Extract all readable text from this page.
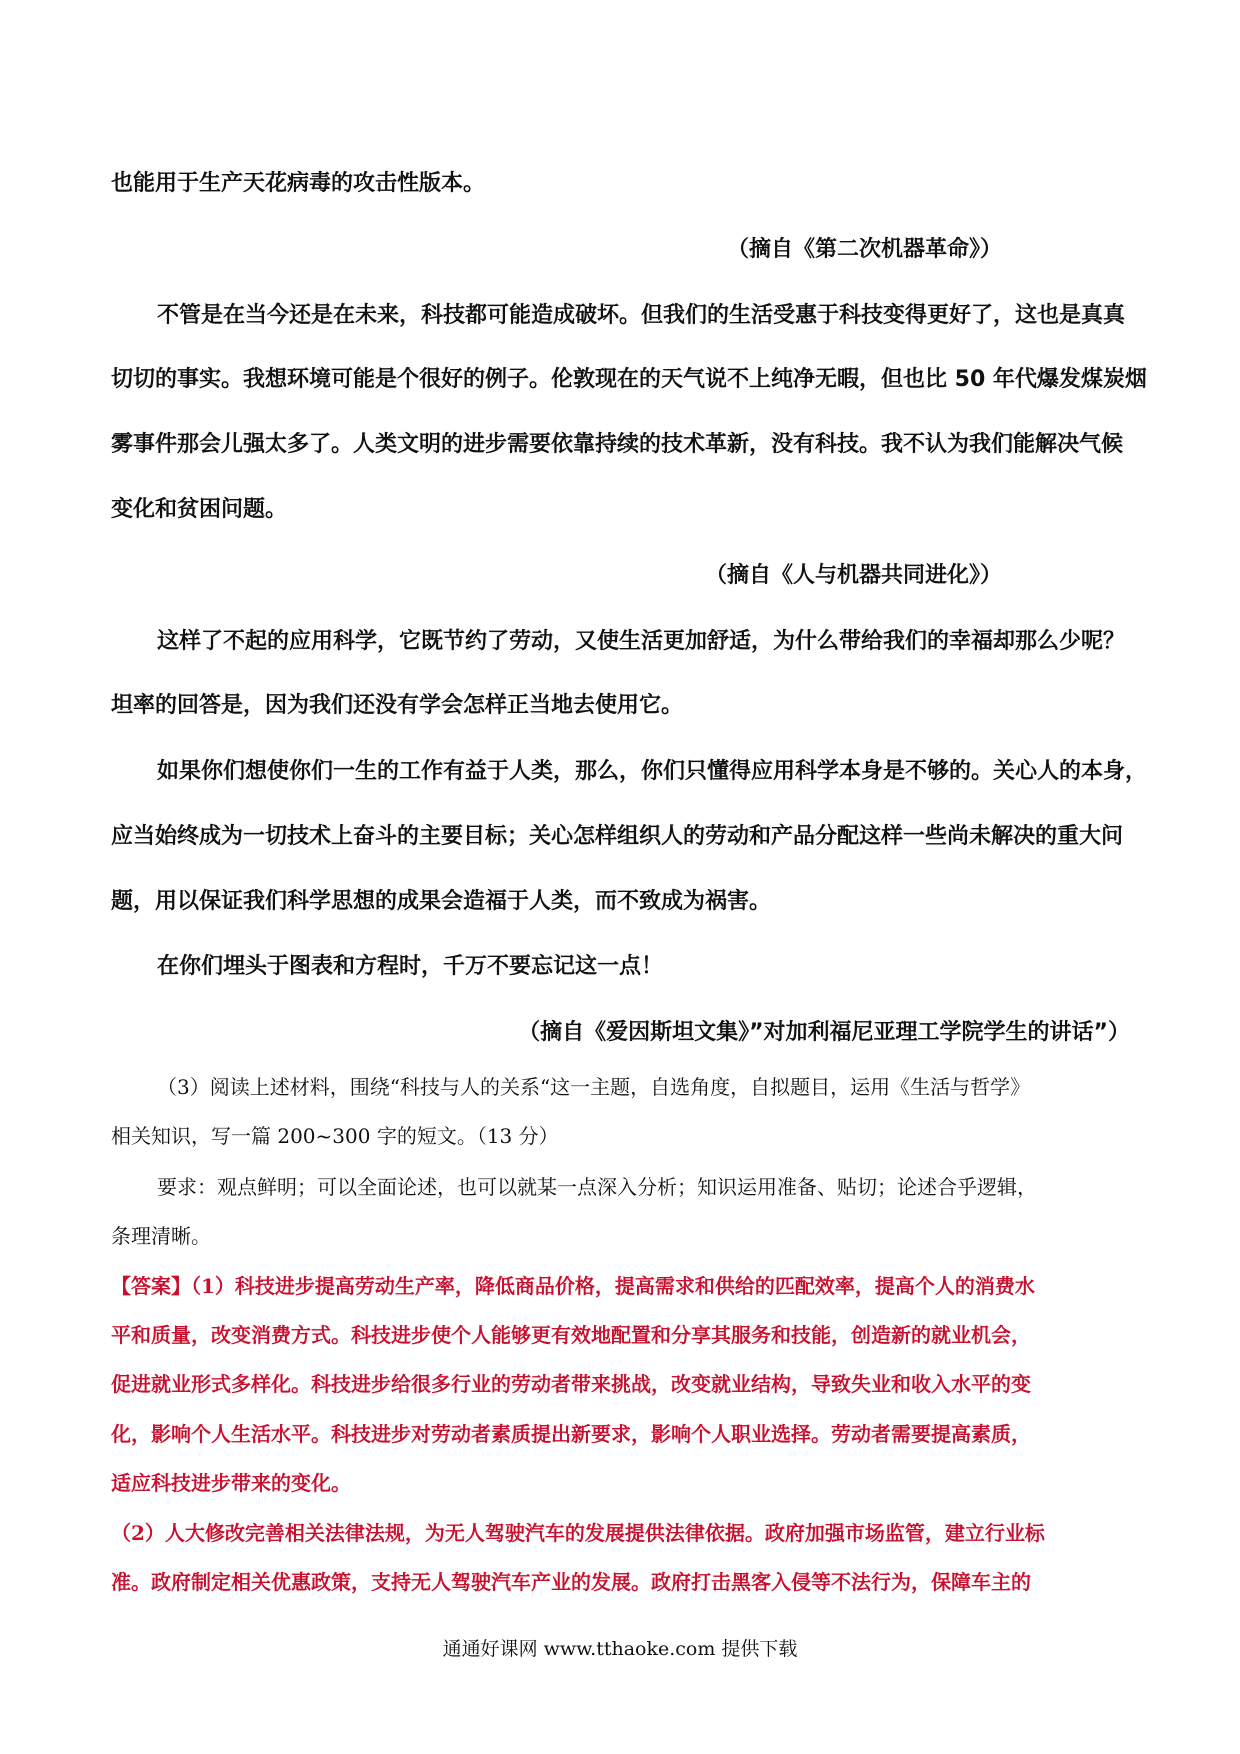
也能用于生产天花病毒的攻击性版本。
（摘自《第二次机器革命》）
不管是在当今还是在未来，科技都可能造成破坏。但我们的生活受惠于科技变得更好了，这也是真真
切切的事实。我想环境可能是个很好的例子。伦敦现在的天气说不上纯净无暇，但也比 50 年代爆发煤炭烟
雾事件那会儿强太多了。人类文明的进步需要依靠持续的技术革新，没有科技。我不认为我们能解决气候
变化和贫困问题。
（摘自《人与机器共同进化》）
这样了不起的应用科学，它既节约了劳动，又使生活更加舒适，为什么带给我们的幸福却那么少呢？
坦率的回答是，因为我们还没有学会怎样正当地去使用它。
如果你们想使你们一生的工作有益于人类，那么，你们只懂得应用科学本身是不够的。关心人的本身，
应当始终成为一切技术上奋斗的主要目标；关心怎样组织人的劳动和产品分配这样一些尚未解决的重大问
题，用以保证我们科学思想的成果会造福于人类，而不致成为祸害。
在你们埋头于图表和方程时，千万不要忘记这一点！
（摘自《爱因斯坦文集》”对加利福尼亚理工学院学生的讲话”）
（3）阅读上述材料，围绕“科技与人的关系“这一主题，自选角度，自拟题目，运用《生活与哲学》
相关知识，写一篇 200~300 字的短文。（13 分）
要求：观点鲜明；可以全面论述，也可以就某一点深入分析；知识运用准备、贴切；论述合乎逻辑，
条理清晰。
【答案】（1）科技进步提高劳动生产率，降低商品价格，提高需求和供给的匹配效率，提高个人的消费水
平和质量，改变消费方式。科技进步使个人能够更有效地配置和分享其服务和技能，创造新的就业机会，
促进就业形式多样化。科技进步给很多行业的劳动者带来挑战，改变就业结构，导致失业和收入水平的变
化，影响个人生活水平。科技进步对劳动者素质提出新要求，影响个人职业选择。劳动者需要提高素质，
适应科技进步带来的变化。
（2）人大修改完善相关法律法规，为无人驾驶汽车的发展提供法律依据。政府加强市场监管，建立行业标
准。政府制定相关优惠政策，支持无人驾驶汽车产业的发展。政府打击黑客入侵等不法行为，保障车主的
通通好课网 www.tthaoke.com 提供下载
